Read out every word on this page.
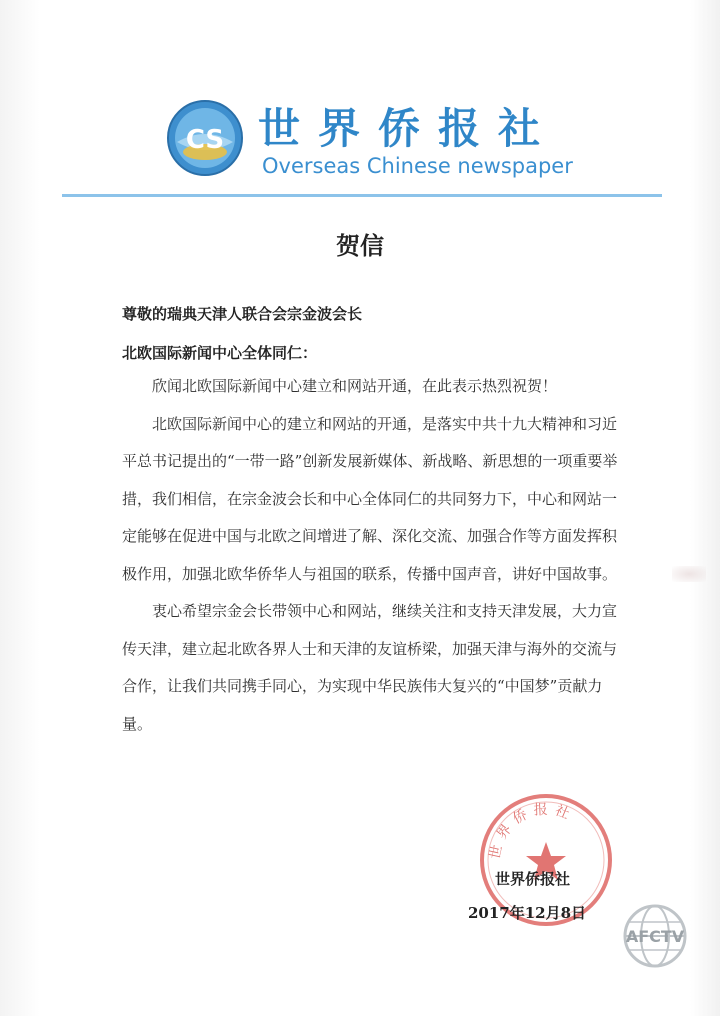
CS 世界侨报社
Overseas Chinese newspaper
贺信
尊敬的瑞典天津人联合会宗金波会长
北欧国际新闻中心全体同仁：

欣闻北欧国际新闻中心建立和网站开通，在此表示热烈祝贺！

北欧国际新闻中心的建立和网站的开通，是落实中共十九大精神和习近平总书记提出的“一带一路”创新发展新媒体、新战略、新思想的一项重要举措，我们相信，在宗金波会长和中心全体同仁的共同努力下，中心和网站一定能够在促进中国与北欧之间增进了解、深化交流、加强合作等方面发挥积极作用，加强北欧华侨华人与祖国的联系，传播中国声音，讲好中国故事。

衷心希望宗金会长带领中心和网站，继续关注和支持天津发展，大力宣传天津，建立起北欧各界人士和天津的友谊桥梁，加强天津与海外的交流与合作，让我们共同携手同心，为实现中华民族伟大复兴的“中国梦”贡献力量。

世界侨报社
世界侨报社
2017年12月8日
AFCTV
